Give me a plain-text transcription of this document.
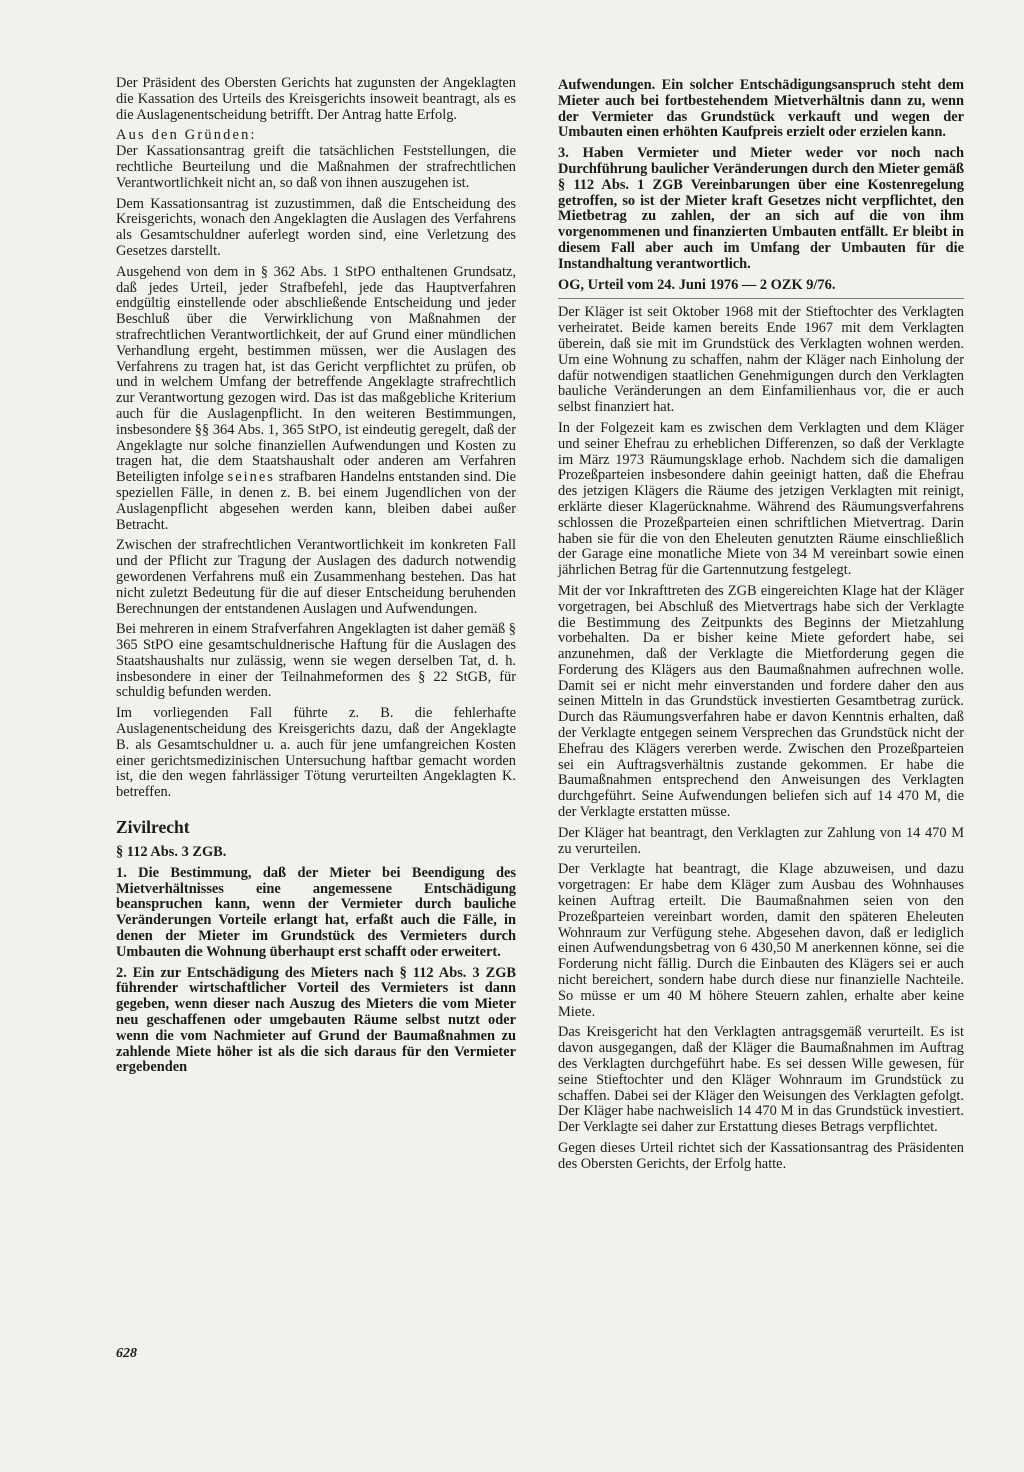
Der Präsident des Obersten Gerichts hat zugunsten der Angeklagten die Kassation des Urteils des Kreisgerichts insoweit beantragt, als es die Auslagenentscheidung betrifft. Der Antrag hatte Erfolg.

Aus den Gründen:

Der Kassationsantrag greift die tatsächlichen Feststellungen, die rechtliche Beurteilung und die Maßnahmen der strafrechtlichen Verantwortlichkeit nicht an, so daß von ihnen auszugehen ist.

Dem Kassationsantrag ist zuzustimmen, daß die Entscheidung des Kreisgerichts, wonach den Angeklagten die Auslagen des Verfahrens als Gesamtschuldner auferlegt worden sind, eine Verletzung des Gesetzes darstellt.

Ausgehend von dem in § 362 Abs. 1 StPO enthaltenen Grundsatz, daß jedes Urteil, jeder Strafbefehl, jede das Hauptverfahren endgültig einstellende oder abschließende Entscheidung und jeder Beschluß über die Verwirklichung von Maßnahmen der strafrechtlichen Verantwortlichkeit, der auf Grund einer mündlichen Verhandlung ergeht, bestimmen müssen, wer die Auslagen des Verfahrens zu tragen hat, ist das Gericht verpflichtet zu prüfen, ob und in welchem Umfang der betreffende Angeklagte strafrechtlich zur Verantwortung gezogen wird. Das ist das maßgebliche Kriterium auch für die Auslagenpflicht. In den weiteren Bestimmungen, insbesondere §§ 364 Abs. 1, 365 StPO, ist eindeutig geregelt, daß der Angeklagte nur solche finanziellen Aufwendungen und Kosten zu tragen hat, die dem Staatshaushalt oder anderen am Verfahren Beteiligten infolge seines strafbaren Handelns entstanden sind. Die speziellen Fälle, in denen z. B. bei einem Jugendlichen von der Auslagenpflicht abgesehen werden kann, bleiben dabei außer Betracht.

Zwischen der strafrechtlichen Verantwortlichkeit im konkreten Fall und der Pflicht zur Tragung der Auslagen des dadurch notwendig gewordenen Verfahrens muß ein Zusammenhang bestehen. Das hat nicht zuletzt Bedeutung für die auf dieser Entscheidung beruhenden Berechnungen der entstandenen Auslagen und Aufwendungen.

Bei mehreren in einem Strafverfahren Angeklagten ist daher gemäß § 365 StPO eine gesamtschuldnerische Haftung für die Auslagen des Staatshaushalts nur zulässig, wenn sie wegen derselben Tat, d. h. insbesondere in einer der Teilnahmeformen des § 22 StGB, für schuldig befunden werden.

Im vorliegenden Fall führte z. B. die fehlerhafte Auslagenentscheidung des Kreisgerichts dazu, daß der Angeklagte B. als Gesamtschuldner u. a. auch für jene umfangreichen Kosten einer gerichtsmedizinischen Untersuchung haftbar gemacht worden ist, die den wegen fahrlässiger Tötung verurteilten Angeklagten K. betreffen.

Zivilrecht

§ 112 Abs. 3 ZGB.

1. Die Bestimmung, daß der Mieter bei Beendigung des Mietverhältnisses eine angemessene Entschädigung beanspruchen kann, wenn der Vermieter durch bauliche Veränderungen Vorteile erlangt hat, erfaßt auch die Fälle, in denen der Mieter im Grundstück des Vermieters durch Umbauten die Wohnung überhaupt erst schafft oder erweitert.

2. Ein zur Entschädigung des Mieters nach § 112 Abs. 3 ZGB führender wirtschaftlicher Vorteil des Vermieters ist dann gegeben, wenn dieser nach Auszug des Mieters die vom Mieter neu geschaffenen oder umgebauten Räume selbst nutzt oder wenn die vom Nachmieter auf Grund der Baumaßnahmen zu zahlende Miete höher ist als die sich daraus für den Vermieter ergebenden

Aufwendungen. Ein solcher Entschädigungsanspruch steht dem Mieter auch bei fortbestehendem Mietverhältnis dann zu, wenn der Vermieter das Grundstück verkauft und wegen der Umbauten einen erhöhten Kaufpreis erzielt oder erzielen kann.

3. Haben Vermieter und Mieter weder vor noch nach Durchführung baulicher Veränderungen durch den Mieter gemäß § 112 Abs. 1 ZGB Vereinbarungen über eine Kostenregelung getroffen, so ist der Mieter kraft Gesetzes nicht verpflichtet, den Mietbetrag zu zahlen, der an sich auf die von ihm vorgenommenen und finanzierten Umbauten entfällt. Er bleibt in diesem Fall aber auch im Umfang der Umbauten für die Instandhaltung verantwortlich.

OG, Urteil vom 24. Juni 1976 — 2 OZK 9/76.

Der Kläger ist seit Oktober 1968 mit der Stieftochter des Verklagten verheiratet. Beide kamen bereits Ende 1967 mit dem Verklagten überein, daß sie mit im Grundstück des Verklagten wohnen werden. Um eine Wohnung zu schaffen, nahm der Kläger nach Einholung der dafür notwendigen staatlichen Genehmigungen durch den Verklagten bauliche Veränderungen an dem Einfamilienhaus vor, die er auch selbst finanziert hat.

In der Folgezeit kam es zwischen dem Verklagten und dem Kläger und seiner Ehefrau zu erheblichen Differenzen, so daß der Verklagte im März 1973 Räumungsklage erhob. Nachdem sich die damaligen Prozeßparteien insbesondere dahin geeinigt hatten, daß die Ehefrau des jetzigen Klägers die Räume des jetzigen Verklagten mit reinigt, erklärte dieser Klagerücknahme. Während des Räumungsverfahrens schlossen die Prozeßparteien einen schriftlichen Mietvertrag. Darin haben sie für die von den Eheleuten genutzten Räume einschließlich der Garage eine monatliche Miete von 34 M vereinbart sowie einen jährlichen Betrag für die Gartennutzung festgelegt.

Mit der vor Inkrafttreten des ZGB eingereichten Klage hat der Kläger vorgetragen, bei Abschluß des Mietvertrags habe sich der Verklagte die Bestimmung des Zeitpunkts des Beginns der Mietzahlung vorbehalten. Da er bisher keine Miete gefordert habe, sei anzunehmen, daß der Verklagte die Mietforderung gegen die Forderung des Klägers aus den Baumaßnahmen aufrechnen wolle. Damit sei er nicht mehr einverstanden und fordere daher den aus seinen Mitteln in das Grundstück investierten Gesamtbetrag zurück. Durch das Räumungsverfahren habe er davon Kenntnis erhalten, daß der Verklagte entgegen seinem Versprechen das Grundstück nicht der Ehefrau des Klägers vererben werde. Zwischen den Prozeßparteien sei ein Auftragsverhältnis zustande gekommen. Er habe die Baumaßnahmen entsprechend den Anweisungen des Verklagten durchgeführt. Seine Aufwendungen beliefen sich auf 14 470 M, die der Verklagte erstatten müsse.

Der Kläger hat beantragt, den Verklagten zur Zahlung von 14 470 M zu verurteilen.

Der Verklagte hat beantragt, die Klage abzuweisen, und dazu vorgetragen: Er habe dem Kläger zum Ausbau des Wohnhauses keinen Auftrag erteilt. Die Baumaßnahmen seien von den Prozeßparteien vereinbart worden, damit den späteren Eheleuten Wohnraum zur Verfügung stehe. Abgesehen davon, daß er lediglich einen Aufwendungsbetrag von 6 430,50 M anerkennen könne, sei die Forderung nicht fällig. Durch die Einbauten des Klägers sei er auch nicht bereichert, sondern habe durch diese nur finanzielle Nachteile. So müsse er um 40 M höhere Steuern zahlen, erhalte aber keine Miete.

Das Kreisgericht hat den Verklagten antragsgemäß verurteilt. Es ist davon ausgegangen, daß der Kläger die Baumaßnahmen im Auftrag des Verklagten durchgeführt habe. Es sei dessen Wille gewesen, für seine Stieftochter und den Kläger Wohnraum im Grundstück zu schaffen. Dabei sei der Kläger den Weisungen des Verklagten gefolgt. Der Kläger habe nachweislich 14 470 M in das Grundstück investiert. Der Verklagte sei daher zur Erstattung dieses Betrags verpflichtet.

Gegen dieses Urteil richtet sich der Kassationsantrag des Präsidenten des Obersten Gerichts, der Erfolg hatte.

628
